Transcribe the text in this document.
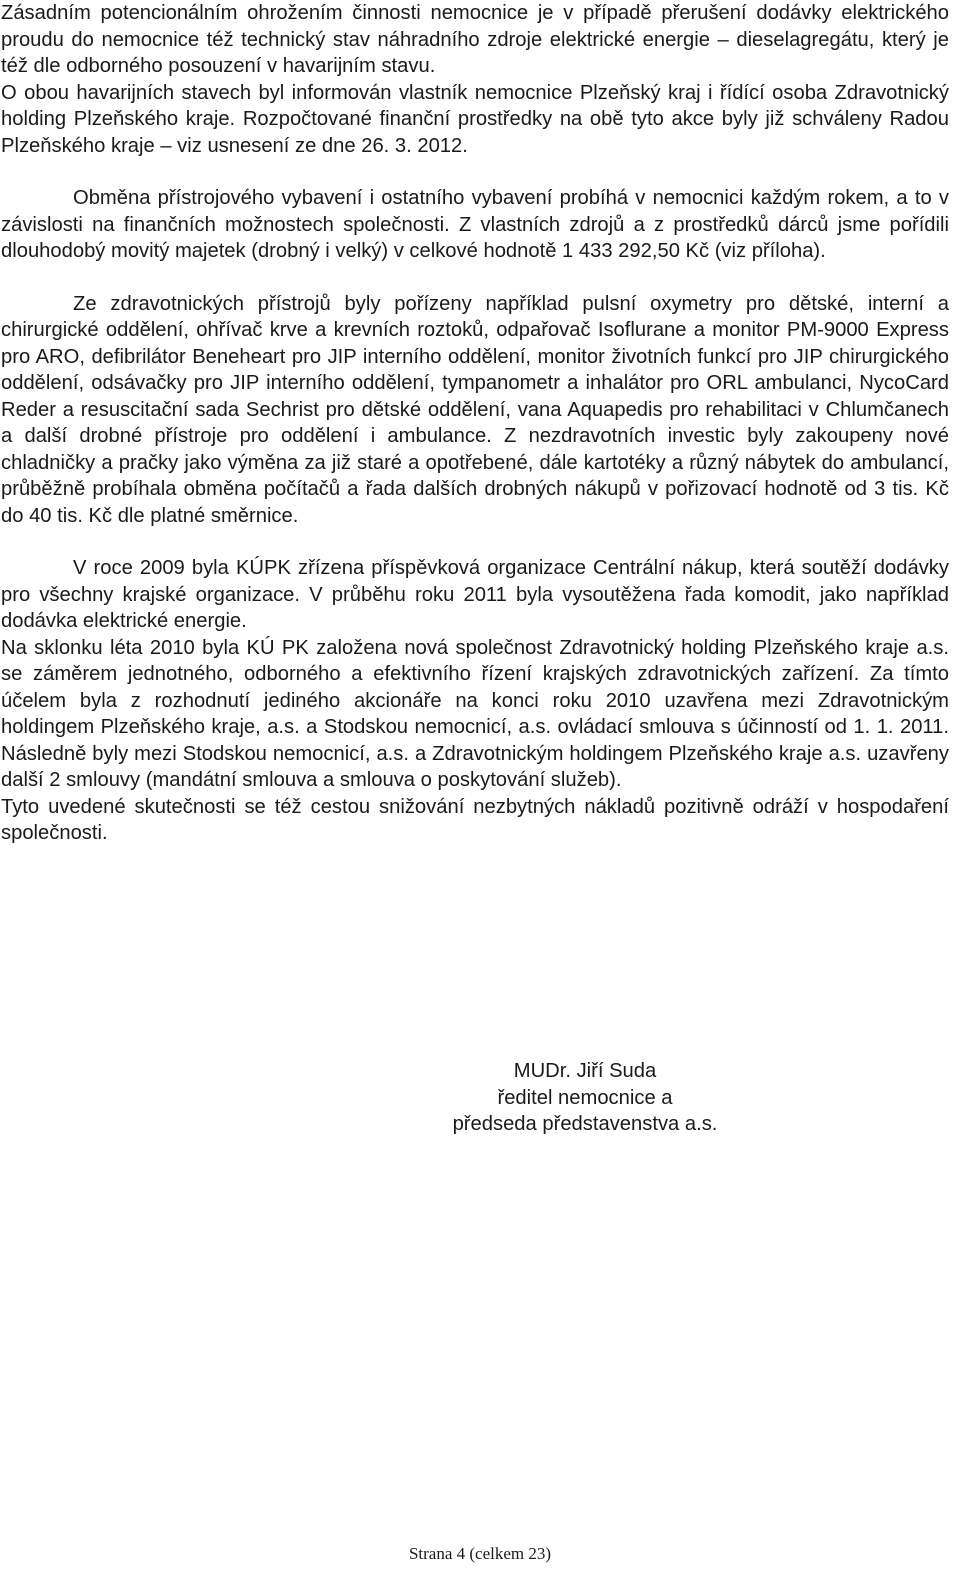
Zásadním potencionálním ohrožením činnosti nemocnice je v případě přerušení dodávky elektrického proudu do nemocnice též technický stav náhradního zdroje elektrické energie – dieselagregátu, který je též dle odborného posouzení v havarijním stavu.

O obou havarijních stavech byl informován vlastník nemocnice Plzeňský kraj i řídící osoba Zdravotnický holding Plzeňského kraje. Rozpočtované finanční prostředky na obě tyto akce byly již schváleny Radou Plzeňského kraje – viz usnesení ze dne 26. 3. 2012.

Obměna přístrojového vybavení i ostatního vybavení probíhá v nemocnici každým rokem, a to v závislosti na finančních možnostech společnosti. Z vlastních zdrojů a z prostředků dárců jsme pořídili dlouhodobý movitý majetek (drobný i velký) v celkové hodnotě 1 433 292,50 Kč (viz příloha).

Ze zdravotnických přístrojů byly pořízeny například pulsní oxymetry pro dětské, interní a chirurgické oddělení, ohřívač krve a krevních roztoků, odpařovač Isoflurane a monitor PM-9000 Express pro ARO, defibrilátor Beneheart pro JIP interního oddělení, monitor životních funkcí pro JIP chirurgického oddělení, odsávačky pro JIP interního oddělení, tympanometr a inhalátor pro ORL ambulanci, NycoCard Reder a resuscitační sada Sechrist pro dětské oddělení, vana Aquapedis pro rehabilitaci v Chlumčanech a další drobné přístroje pro oddělení i ambulance. Z nezdravotních investic byly zakoupeny nové chladničky a pračky jako výměna za již staré a opotřebené, dále kartotéky a různý nábytek do ambulancí, průběžně probíhala obměna počítačů a řada dalších drobných nákupů v pořizovací hodnotě od 3 tis. Kč do 40 tis. Kč dle platné směrnice.

V roce 2009 byla KÚPK zřízena příspěvková organizace Centrální nákup, která soutěží dodávky pro všechny krajské organizace. V průběhu roku 2011 byla vysoutěžena řada komodit, jako například dodávka elektrické energie.

Na sklonku léta 2010 byla KÚ PK založena nová společnost Zdravotnický holding Plzeňského kraje a.s. se záměrem jednotného, odborného a efektivního řízení krajských zdravotnických zařízení. Za tímto účelem byla z rozhodnutí jediného akcionáře na konci roku 2010 uzavřena mezi Zdravotnickým holdingem Plzeňského kraje, a.s. a Stodskou nemocnicí, a.s. ovládací smlouva s účinností od 1. 1. 2011. Následně byly mezi Stodskou nemocnicí, a.s. a Zdravotnickým holdingem Plzeňského kraje a.s. uzavřeny další 2 smlouvy (mandátní smlouva a smlouva o poskytování služeb).

Tyto uvedené skutečnosti se též cestou snižování nezbytných nákladů pozitivně odráží v hospodaření společnosti.

MUDr. Jiří Suda
ředitel nemocnice a
předseda představenstva a.s.
Strana 4 (celkem 23)
